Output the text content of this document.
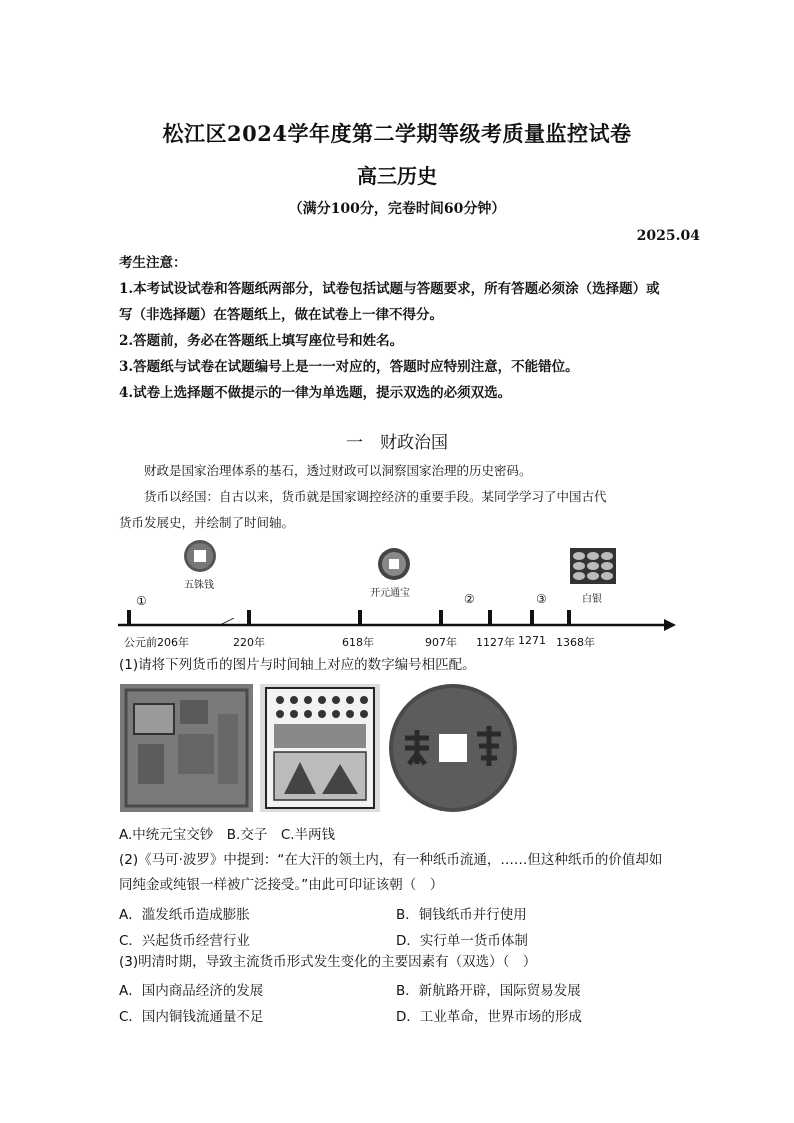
松江区2024学年度第二学期等级考质量监控试卷
高三历史
（满分100分，完卷时间60分钟）
2025.04

考生注意：

1.本考试设试卷和答题纸两部分，试卷包括试题与答题要求，所有答题必须涂（选择题）或

写（非选择题）在答题纸上，做在试卷上一律不得分。

2.答题前，务必在答题纸上填写座位号和姓名。

3.答题纸与试卷在试题编号上是一一对应的，答题时应特别注意，不能错位。

4.试卷上选择题不做提示的一律为单选题，提示双选的必须双选。

一　财政治国
财政是国家治理体系的基石，透过财政可以洞察国家治理的历史密码。
货币以经国：自古以来，货币就是国家调控经济的重要手段。某同学学习了中国古代
货币发展史，并绘制了时间轴。
五铢钱
开元通宝
白银
①	②	③
公元前206年	220年	618年	907年 1127年 1271 1368年
(1)请将下列货币的图片与时间轴上对应的数字编号相匹配。
A.中统元宝交钞　B.交子　C.半两钱
(2)《马可·波罗》中提到：“在大汗的领土内，有一种纸币流通，……但这种纸币的价值却如
同纯金或纯银一样被广泛接受。”由此可印证该朝（　）
A．滥发纸币造成膨胀	B．铜钱纸币并行使用
C．兴起货币经营行业	D．实行单一货币体制
(3)明清时期，导致主流货币形式发生变化的主要因素有（双选）（　）
A．国内商品经济的发展	B．新航路开辟，国际贸易发展
C．国内铜钱流通量不足	D．工业革命，世界市场的形成
